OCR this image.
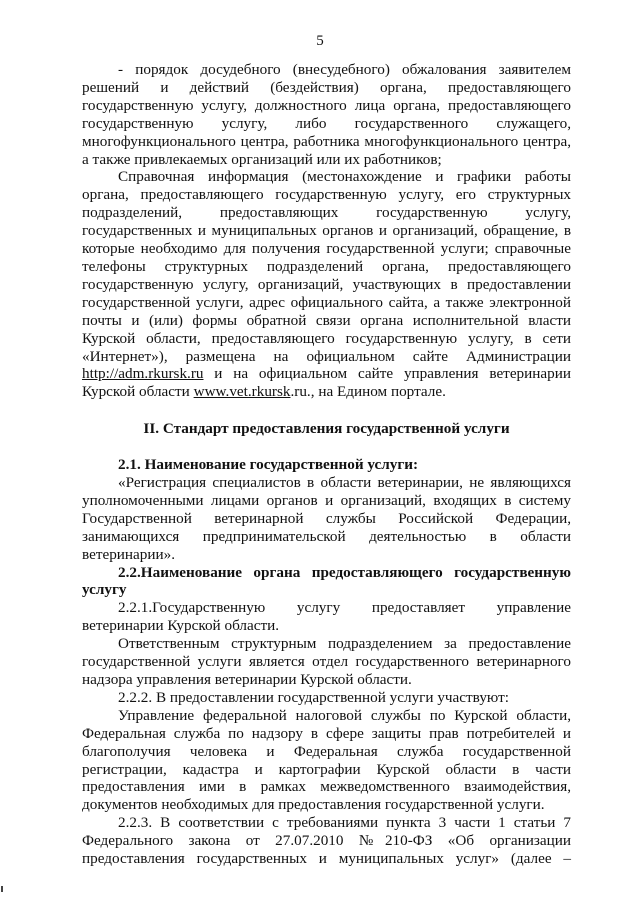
5

- порядок досудебного (внесудебного) обжалования заявителем решений и действий (бездействия) органа, предоставляющего государственную услугу, должностного лица органа, предоставляющего государственную услугу, либо государственного служащего, многофункционального центра, работника многофункционального центра, а также привлекаемых организаций или их работников;

Справочная информация (местонахождение и графики работы органа, предоставляющего государственную услугу, его структурных подразделений, предоставляющих государственную услугу, государственных и муниципальных органов и организаций, обращение, в которые необходимо для получения государственной услуги; справочные телефоны структурных подразделений органа, предоставляющего государственную услугу, организаций, участвующих в предоставлении государственной услуги, адрес официального сайта, а также электронной почты и (или) формы обратной связи органа исполнительной власти Курской области, предоставляющего государственную услугу, в сети «Интернет»), размещена на официальном сайте Администрации http://adm.rkursk.ru и на официальном сайте управления ветеринарии Курской области www.vet.rkursk.ru., на Едином портале.

II. Стандарт предоставления государственной услуги

2.1. Наименование государственной услуги:

«Регистрация специалистов в области ветеринарии, не являющихся уполномоченными лицами органов и организаций, входящих в систему Государственной ветеринарной службы Российской Федерации, занимающихся предпринимательской деятельностью в области ветеринарии».

2.2.Наименование органа предоставляющего государственную услугу

2.2.1.Государственную услугу предоставляет управление ветеринарии Курской области.

Ответственным структурным подразделением за предоставление государственной услуги является отдел государственного ветеринарного надзора управления ветеринарии Курской области.

2.2.2. В предоставлении государственной услуги участвуют:

Управление федеральной налоговой службы по Курской области, Федеральная служба по надзору в сфере защиты прав потребителей и благополучия человека и Федеральная служба государственной регистрации, кадастра и картографии Курской области в части предоставления ими в рамках межведомственного взаимодействия, документов необходимых для предоставления государственной услуги.

2.2.3. В соответствии с требованиями пункта 3 части 1 статьи 7 Федерального закона от 27.07.2010 №210-ФЗ «Об организации предоставления государственных и муниципальных услуг» (далее –
